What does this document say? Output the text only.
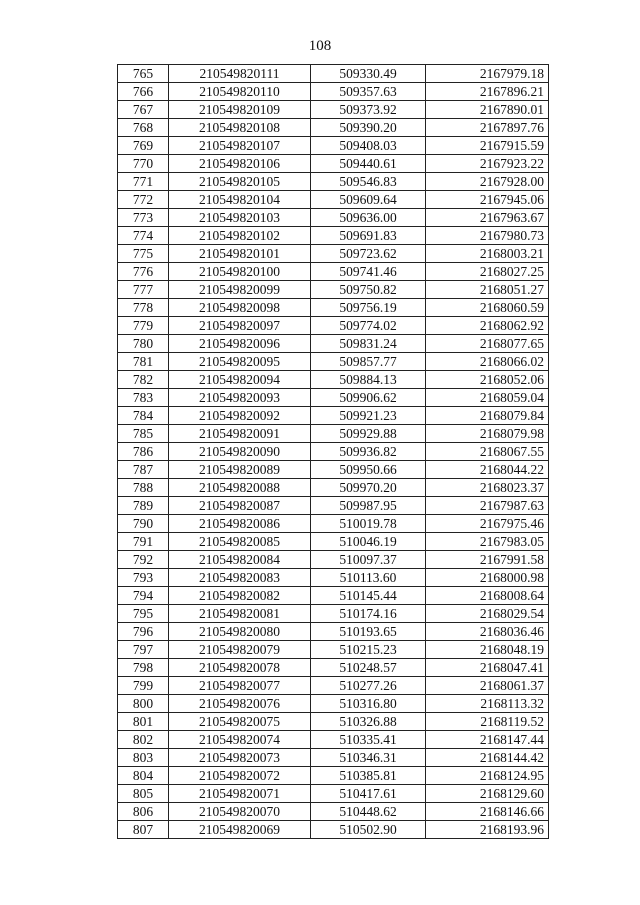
108
765	210549820111	509330.49	2167979.18
766	210549820110	509357.63	2167896.21
767	210549820109	509373.92	2167890.01
768	210549820108	509390.20	2167897.76
769	210549820107	509408.03	2167915.59
770	210549820106	509440.61	2167923.22
771	210549820105	509546.83	2167928.00
772	210549820104	509609.64	2167945.06
773	210549820103	509636.00	2167963.67
774	210549820102	509691.83	2167980.73
775	210549820101	509723.62	2168003.21
776	210549820100	509741.46	2168027.25
777	210549820099	509750.82	2168051.27
778	210549820098	509756.19	2168060.59
779	210549820097	509774.02	2168062.92
780	210549820096	509831.24	2168077.65
781	210549820095	509857.77	2168066.02
782	210549820094	509884.13	2168052.06
783	210549820093	509906.62	2168059.04
784	210549820092	509921.23	2168079.84
785	210549820091	509929.88	2168079.98
786	210549820090	509936.82	2168067.55
787	210549820089	509950.66	2168044.22
788	210549820088	509970.20	2168023.37
789	210549820087	509987.95	2167987.63
790	210549820086	510019.78	2167975.46
791	210549820085	510046.19	2167983.05
792	210549820084	510097.37	2167991.58
793	210549820083	510113.60	2168000.98
794	210549820082	510145.44	2168008.64
795	210549820081	510174.16	2168029.54
796	210549820080	510193.65	2168036.46
797	210549820079	510215.23	2168048.19
798	210549820078	510248.57	2168047.41
799	210549820077	510277.26	2168061.37
800	210549820076	510316.80	2168113.32
801	210549820075	510326.88	2168119.52
802	210549820074	510335.41	2168147.44
803	210549820073	510346.31	2168144.42
804	210549820072	510385.81	2168124.95
805	210549820071	510417.61	2168129.60
806	210549820070	510448.62	2168146.66
807	210549820069	510502.90	2168193.96
